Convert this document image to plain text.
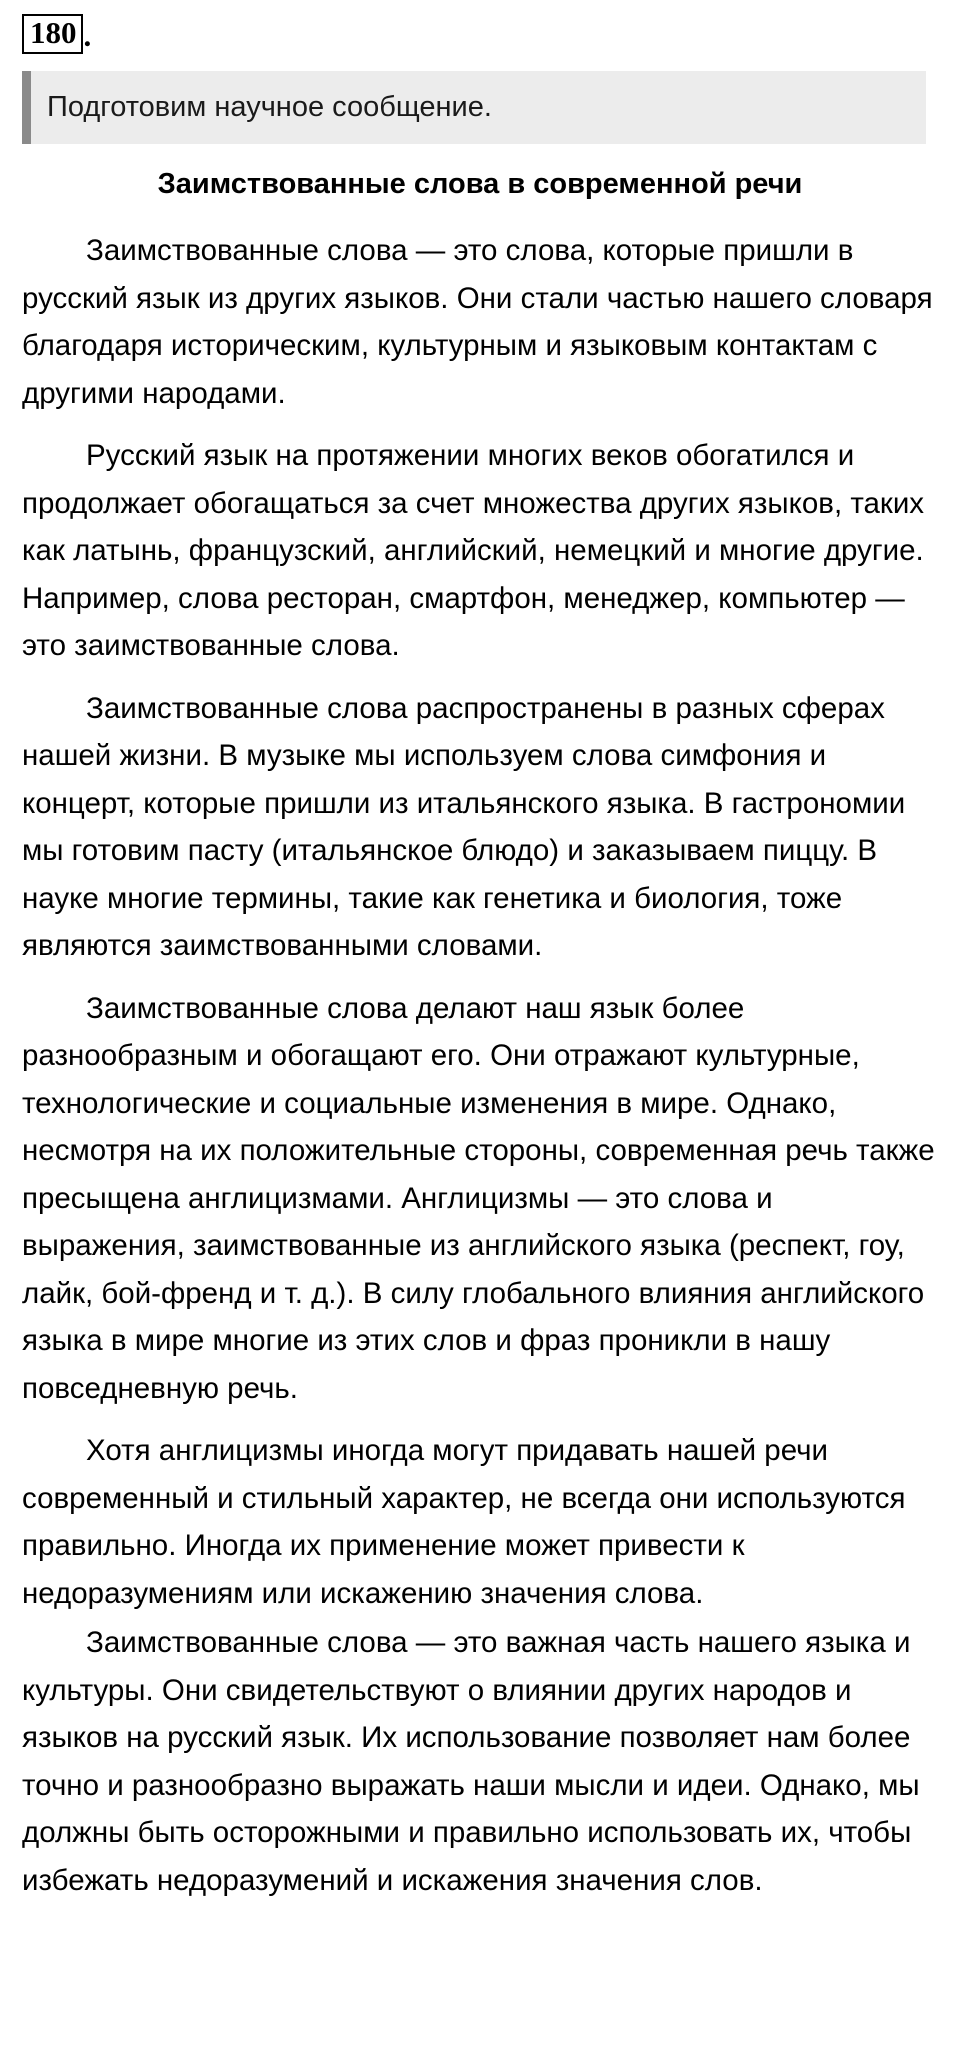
180 .
Подготовим научное сообщение.
Заимствованные слова в современной речи

Заимствованные слова — это слова, которые пришли в русский язык из других языков. Они стали частью нашего словаря благодаря историческим, культурным и языковым контактам с другими народами.

Русский язык на протяжении многих веков обогатился и продолжает обогащаться за счет множества других языков, таких как латынь, французский, английский, немецкий и многие другие. Например, слова ресторан, смартфон, менеджер, компьютер — это заимствованные слова.

Заимствованные слова распространены в разных сферах нашей жизни. В музыке мы используем слова симфония и концерт, которые пришли из итальянского языка. В гастрономии мы готовим пасту (итальянское блюдо) и заказываем пиццу. В науке многие термины, такие как генетика и биология, тоже являются заимствованными словами.

Заимствованные слова делают наш язык более разнообразным и обогащают его. Они отражают культурные, технологические и социальные изменения в мире. Однако, несмотря на их положительные стороны, современная речь также пресыщена англицизмами. Англицизмы — это слова и выражения, заимствованные из английского языка (респект, гоу, лайк, бой-френд и т. д.). В силу глобального влияния английского языка в мире многие из этих слов и фраз проникли в нашу повседневную речь.

Хотя англицизмы иногда могут придавать нашей речи современный и стильный характер, не всегда они используются правильно. Иногда их применение может привести к недоразумениям или искажению значения слова.

Заимствованные слова — это важная часть нашего языка и культуры. Они свидетельствуют о влиянии других народов и языков на русский язык. Их использование позволяет нам более точно и разнообразно выражать наши мысли и идеи. Однако, мы должны быть осторожными и правильно использовать их, чтобы избежать недоразумений и искажения значения слов.
